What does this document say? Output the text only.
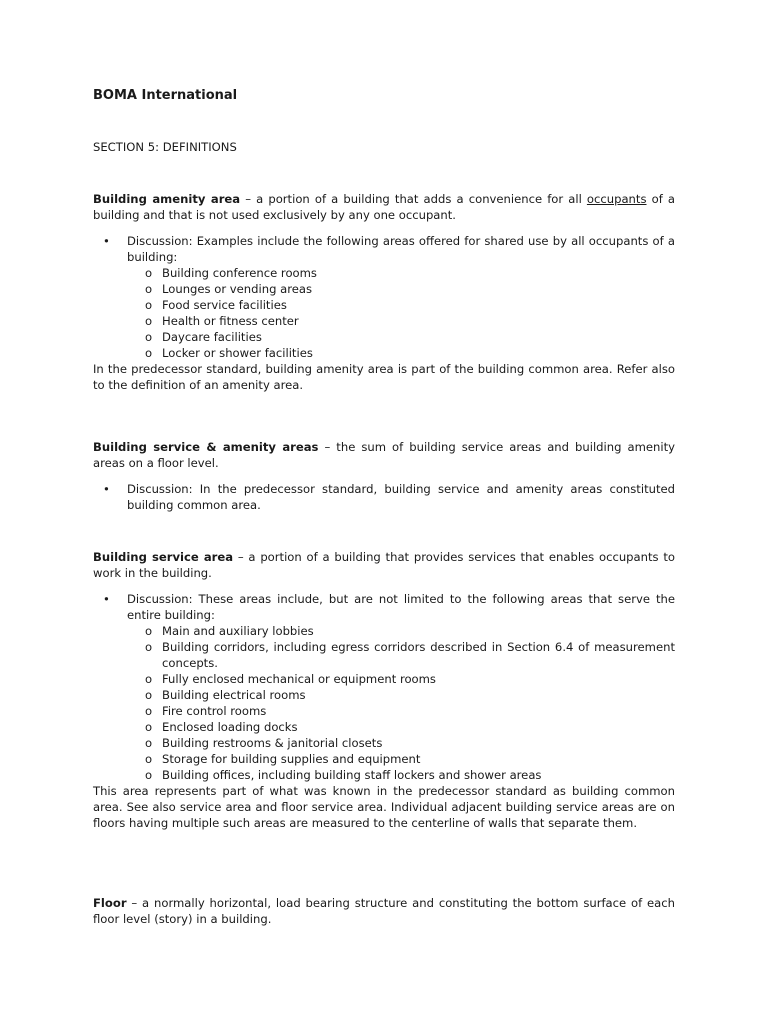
BOMA International
SECTION 5: DEFINITIONS

Building amenity area – a portion of a building that adds a convenience for all occupants of a building and that is not used exclusively by any one occupant.

• Discussion: Examples include the following areas offered for shared use by all occupants of a building:
o Building conference rooms
o Lounges or vending areas
o Food service facilities
o Health or fitness center
o Daycare facilities
o Locker or shower facilities

In the predecessor standard, building amenity area is part of the building common area. Refer also to the definition of an amenity area.

Building service & amenity areas – the sum of building service areas and building amenity areas on a floor level.

• Discussion: In the predecessor standard, building service and amenity areas constituted building common area.

Building service area – a portion of a building that provides services that enables occupants to work in the building.

• Discussion: These areas include, but are not limited to the following areas that serve the entire building:
o Main and auxiliary lobbies
o Building corridors, including egress corridors described in Section 6.4 of measurement concepts.
o Fully enclosed mechanical or equipment rooms
o Building electrical rooms
o Fire control rooms
o Enclosed loading docks
o Building restrooms & janitorial closets
o Storage for building supplies and equipment
o Building offices, including building staff lockers and shower areas

This area represents part of what was known in the predecessor standard as building common area. See also service area and floor service area. Individual adjacent building service areas are on floors having multiple such areas are measured to the centerline of walls that separate them.

Floor – a normally horizontal, load bearing structure and constituting the bottom surface of each floor level (story) in a building.
